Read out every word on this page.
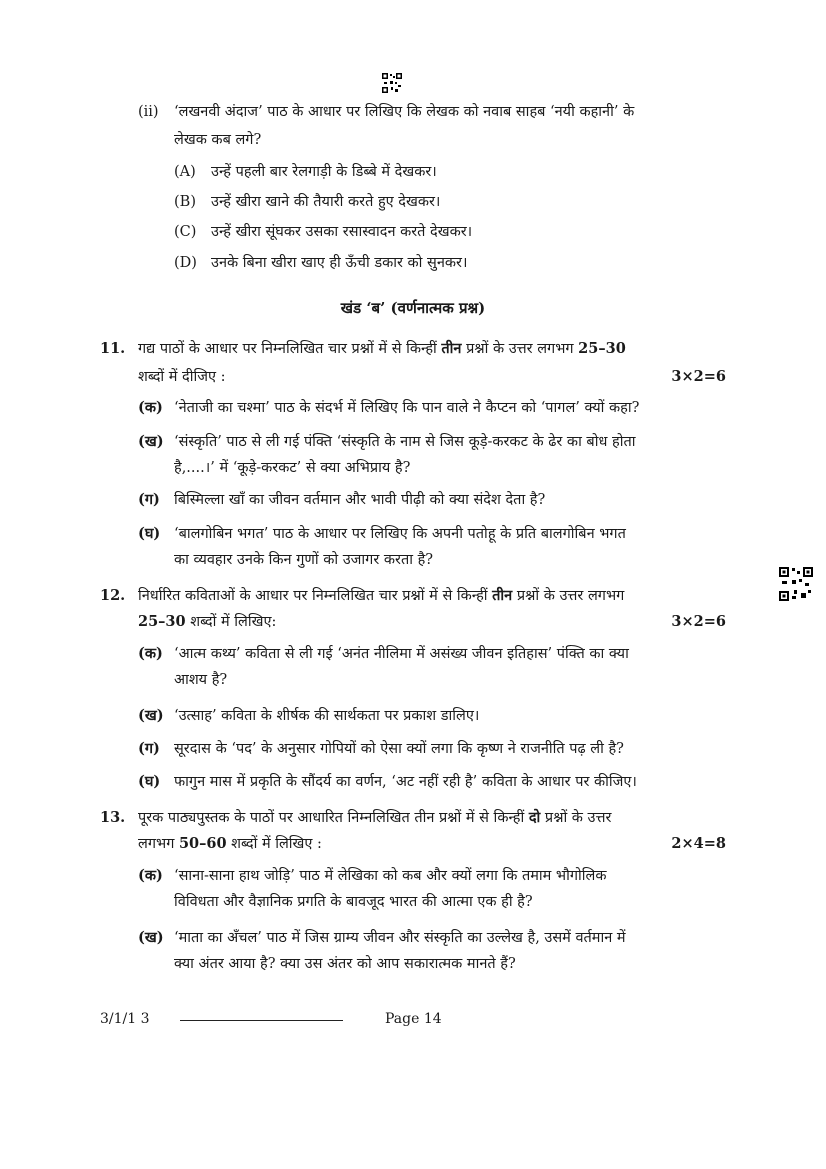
(ii) ‘लखनवी अंदाज’ पाठ के आधार पर लिखिए कि लेखक को नवाब साहब ‘नयी कहानी’ के
लेखक कब लगे?
(A) उन्हें पहली बार रेलगाड़ी के डिब्बे में देखकर।
(B) उन्हें खीरा खाने की तैयारी करते हुए देखकर।
(C) उन्हें खीरा सूंघकर उसका रसास्वादन करते देखकर।
(D) उनके बिना खीरा खाए ही ऊँची डकार को सुनकर।
खंड ‘ब’ (वर्णनात्मक प्रश्न)
11. गद्य पाठों के आधार पर निम्नलिखित चार प्रश्नों में से किन्हीं तीन प्रश्नों के उत्तर लगभग 25–30
शब्दों में दीजिए :	3×2=6
(क) ‘नेताजी का चश्मा’ पाठ के संदर्भ में लिखिए कि पान वाले ने कैप्टन को ‘पागल’ क्यों कहा?
(ख) ‘संस्कृति’ पाठ से ली गई पंक्ति ‘संस्कृति के नाम से जिस कूड़े-करकट के ढेर का बोध होता
है,....।’ में ‘कूड़े-करकट’ से क्या अभिप्राय है?
(ग) बिस्मिल्ला खाँ का जीवन वर्तमान और भावी पीढ़ी को क्या संदेश देता है?
(घ) ‘बालगोबिन भगत’ पाठ के आधार पर लिखिए कि अपनी पतोहू के प्रति बालगोबिन भगत
का व्यवहार उनके किन गुणों को उजागर करता है?
12. निर्धारित कविताओं के आधार पर निम्नलिखित चार प्रश्नों में से किन्हीं तीन प्रश्नों के उत्तर लगभग
25–30 शब्दों में लिखिए:	3×2=6
(क) ‘आत्म कथ्य’ कविता से ली गई ‘अनंत नीलिमा में असंख्य जीवन इतिहास’ पंक्ति का क्या
आशय है?
(ख) ‘उत्साह’ कविता के शीर्षक की सार्थकता पर प्रकाश डालिए।
(ग) सूरदास के ‘पद’ के अनुसार गोपियों को ऐसा क्यों लगा कि कृष्ण ने राजनीति पढ़ ली है?
(घ) फागुन मास में प्रकृति के सौंदर्य का वर्णन, ‘अट नहीं रही है’ कविता के आधार पर कीजिए।
13. पूरक पाठ्यपुस्तक के पाठों पर आधारित निम्नलिखित तीन प्रश्नों में से किन्हीं दो प्रश्नों के उत्तर
लगभग 50–60 शब्दों में लिखिए :	2×4=8
(क) ‘साना-साना हाथ जोड़ि’ पाठ में लेखिका को कब और क्यों लगा कि तमाम भौगोलिक
विविधता और वैज्ञानिक प्रगति के बावजूद भारत की आत्मा एक ही है?
(ख) ‘माता का अँचल’ पाठ में जिस ग्राम्य जीवन और संस्कृति का उल्लेख है, उसमें वर्तमान में
क्या अंतर आया है? क्या उस अंतर को आप सकारात्मक मानते हैं?
3/1/1 3	Page 14
